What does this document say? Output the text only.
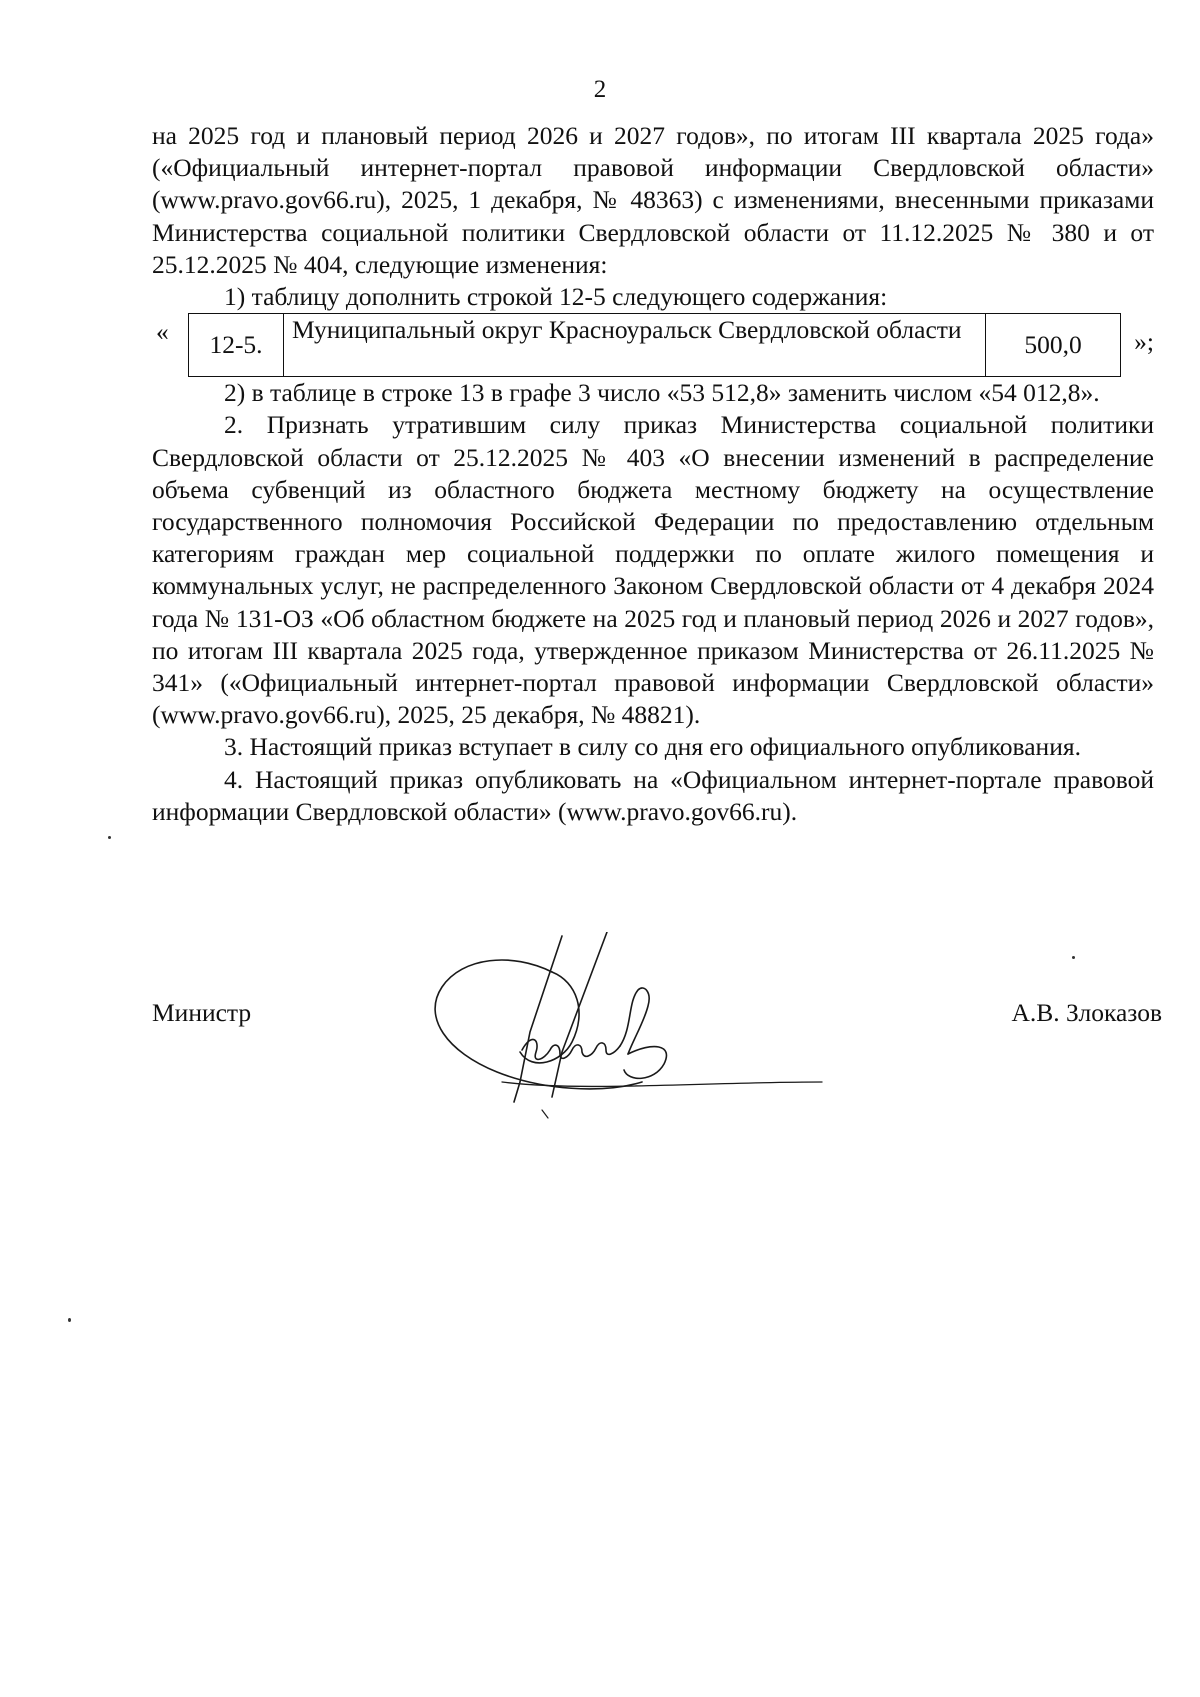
2

на 2025 год и плановый период 2026 и 2027 годов», по итогам III квартала 2025 года» («Официальный интернет-портал правовой информации Свердловской области» (www.pravo.gov66.ru), 2025, 1 декабря, № 48363) с изменениями, внесенными приказами Министерства социальной политики Свердловской области от 11.12.2025 № 380 и от 25.12.2025 № 404, следующие изменения:

1) таблицу дополнить строкой 12-5 следующего содержания:

« 12-5.	Муниципальный округ Красноуральск Свердловской области	500,0 »;

2) в таблице в строке 13 в графе 3 число «53 512,8» заменить числом «54 012,8».

2. Признать утратившим силу приказ Министерства социальной политики Свердловской области от 25.12.2025 № 403 «О внесении изменений в распределение объема субвенций из областного бюджета местному бюджету на осуществление государственного полномочия Российской Федерации по предоставлению отдельным категориям граждан мер социальной поддержки по оплате жилого помещения и коммунальных услуг, не распределенного Законом Свердловской области от 4 декабря 2024 года № 131-ОЗ «Об областном бюджете на 2025 год и плановый период 2026 и 2027 годов», по итогам III квартала 2025 года, утвержденное приказом Министерства от 26.11.2025 № 341» («Официальный интернет-портал правовой информации Свердловской области» (www.pravo.gov66.ru), 2025, 25 декабря, № 48821).

3. Настоящий приказ вступает в силу со дня его официального опубликования.

4. Настоящий приказ опубликовать на «Официальном интернет-портале правовой информации Свердловской области» (www.pravo.gov66.ru).

Министр	А.В. Злоказов
